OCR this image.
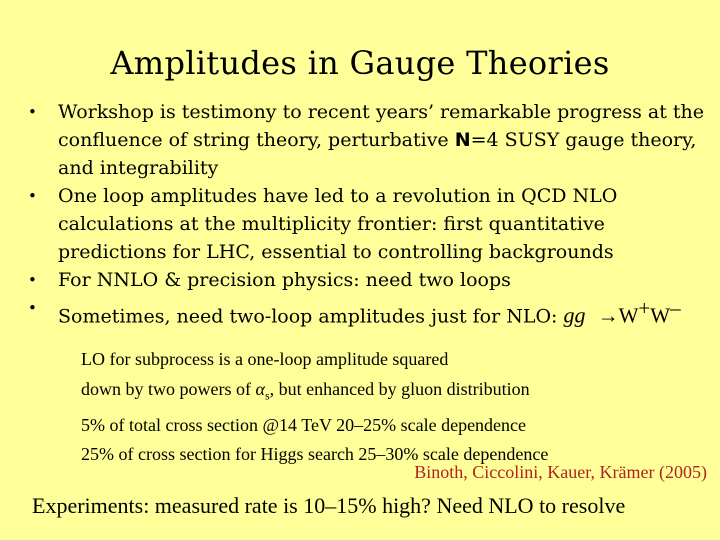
Amplitudes in Gauge Theories
•	Workshop is testimony to recent years’ remarkable progress at the confluence of string theory, perturbative N=4 SUSY gauge theory, and integrability
•	One loop amplitudes have led to a revolution in QCD NLO calculations at the multiplicity frontier: first quantitative predictions for LHC, essential to controlling backgrounds
•	For NNLO & precision physics: need two loops
•	Sometimes, need two-loop amplitudes just for NLO: gg →W+W–
LO for subprocess is a one-loop amplitude squared
down by two powers of $\alpha_s$, but enhanced by gluon distribution
5% of total cross section @14 TeV 20–25% scale dependence
25% of cross section for Higgs search 25–30% scale dependence
Binoth, Ciccolini, Kauer, Krämer (2005)
Experiments: measured rate is 10–15% high? Need NLO to resolve
